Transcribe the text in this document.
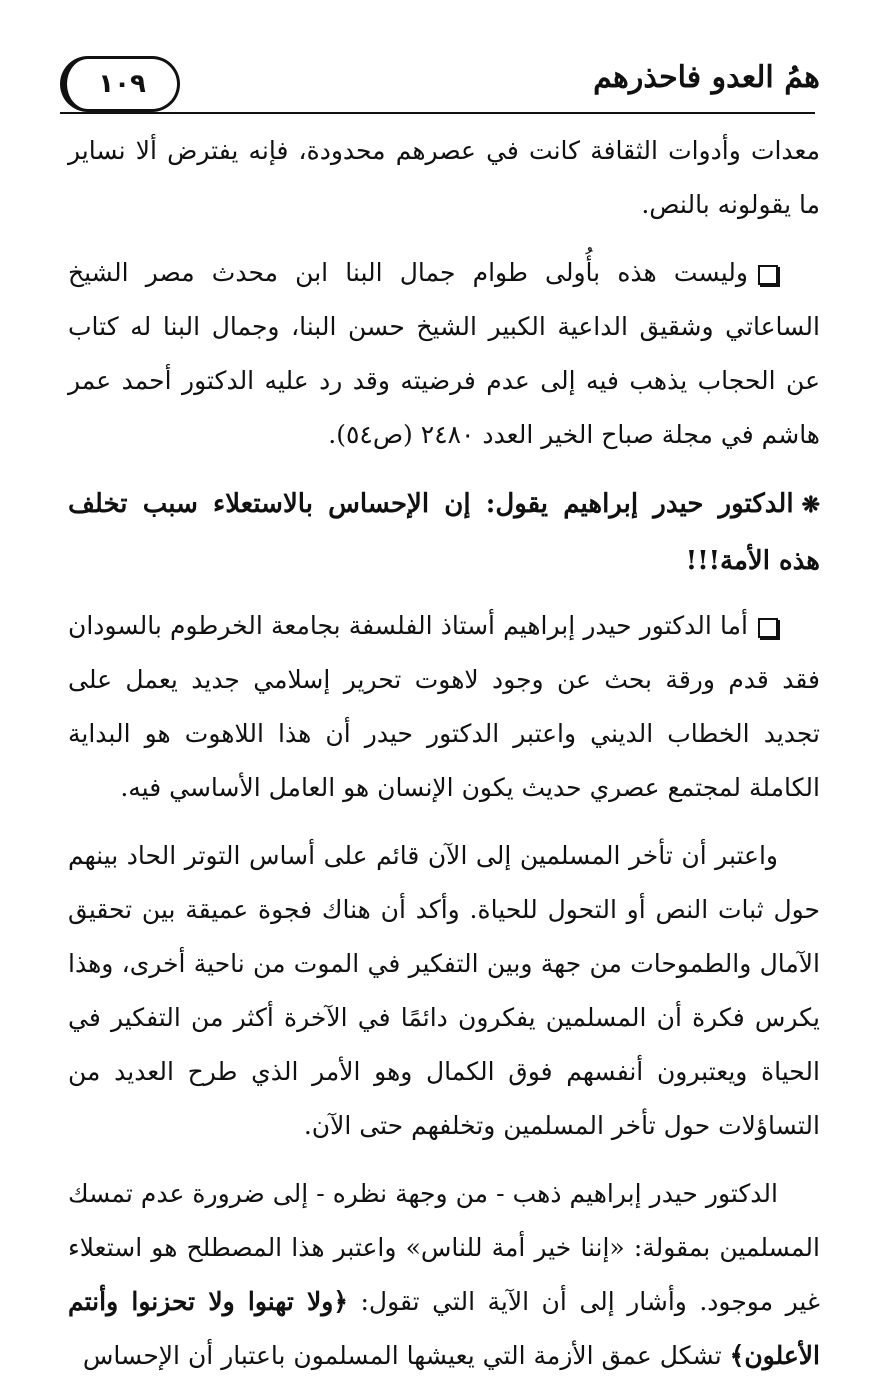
١٠٩	همُ العدو فاحذرهم

معدات وأدوات الثقافة كانت في عصرهم محدودة، فإنه يفترض ألا نساير ما يقولونه بالنص.

وليست هذه بأُولى طوام جمال البنا ابن محدث مصر الشيخ الساعاتي وشقيق الداعية الكبير الشيخ حسن البنا، وجمال البنا له كتاب عن الحجاب يذهب فيه إلى عدم فرضيته وقد رد عليه الدكتور أحمد عمر هاشم في مجلة صباح الخير العدد ٢٤٨٠ (ص٥٤).

❋الدكتور حيدر إبراهيم يقول: إن الإحساس بالاستعلاء سبب تخلف هذه الأمة!!!

أما الدكتور حيدر إبراهيم أستاذ الفلسفة بجامعة الخرطوم بالسودان فقد قدم ورقة بحث عن وجود لاهوت تحرير إسلامي جديد يعمل على تجديد الخطاب الديني واعتبر الدكتور حيدر أن هذا اللاهوت هو البداية الكاملة لمجتمع عصري حديث يكون الإنسان هو العامل الأساسي فيه.

واعتبر أن تأخر المسلمين إلى الآن قائم على أساس التوتر الحاد بينهم حول ثبات النص أو التحول للحياة. وأكد أن هناك فجوة عميقة بين تحقيق الآمال والطموحات من جهة وبين التفكير في الموت من ناحية أخرى، وهذا يكرس فكرة أن المسلمين يفكرون دائمًا في الآخرة أكثر من التفكير في الحياة ويعتبرون أنفسهم فوق الكمال وهو الأمر الذي طرح العديد من التساؤلات حول تأخر المسلمين وتخلفهم حتى الآن.

الدكتور حيدر إبراهيم ذهب - من وجهة نظره - إلى ضرورة عدم تمسك المسلمين بمقولة: «إننا خير أمة للناس» واعتبر هذا المصطلح هو استعلاء غير موجود. وأشار إلى أن الآية التي تقول: ﴿ولا تهنوا ولا تحزنوا وأنتم الأعلون﴾ تشكل عمق الأزمة التي يعيشها المسلمون باعتبار أن الإحساس
